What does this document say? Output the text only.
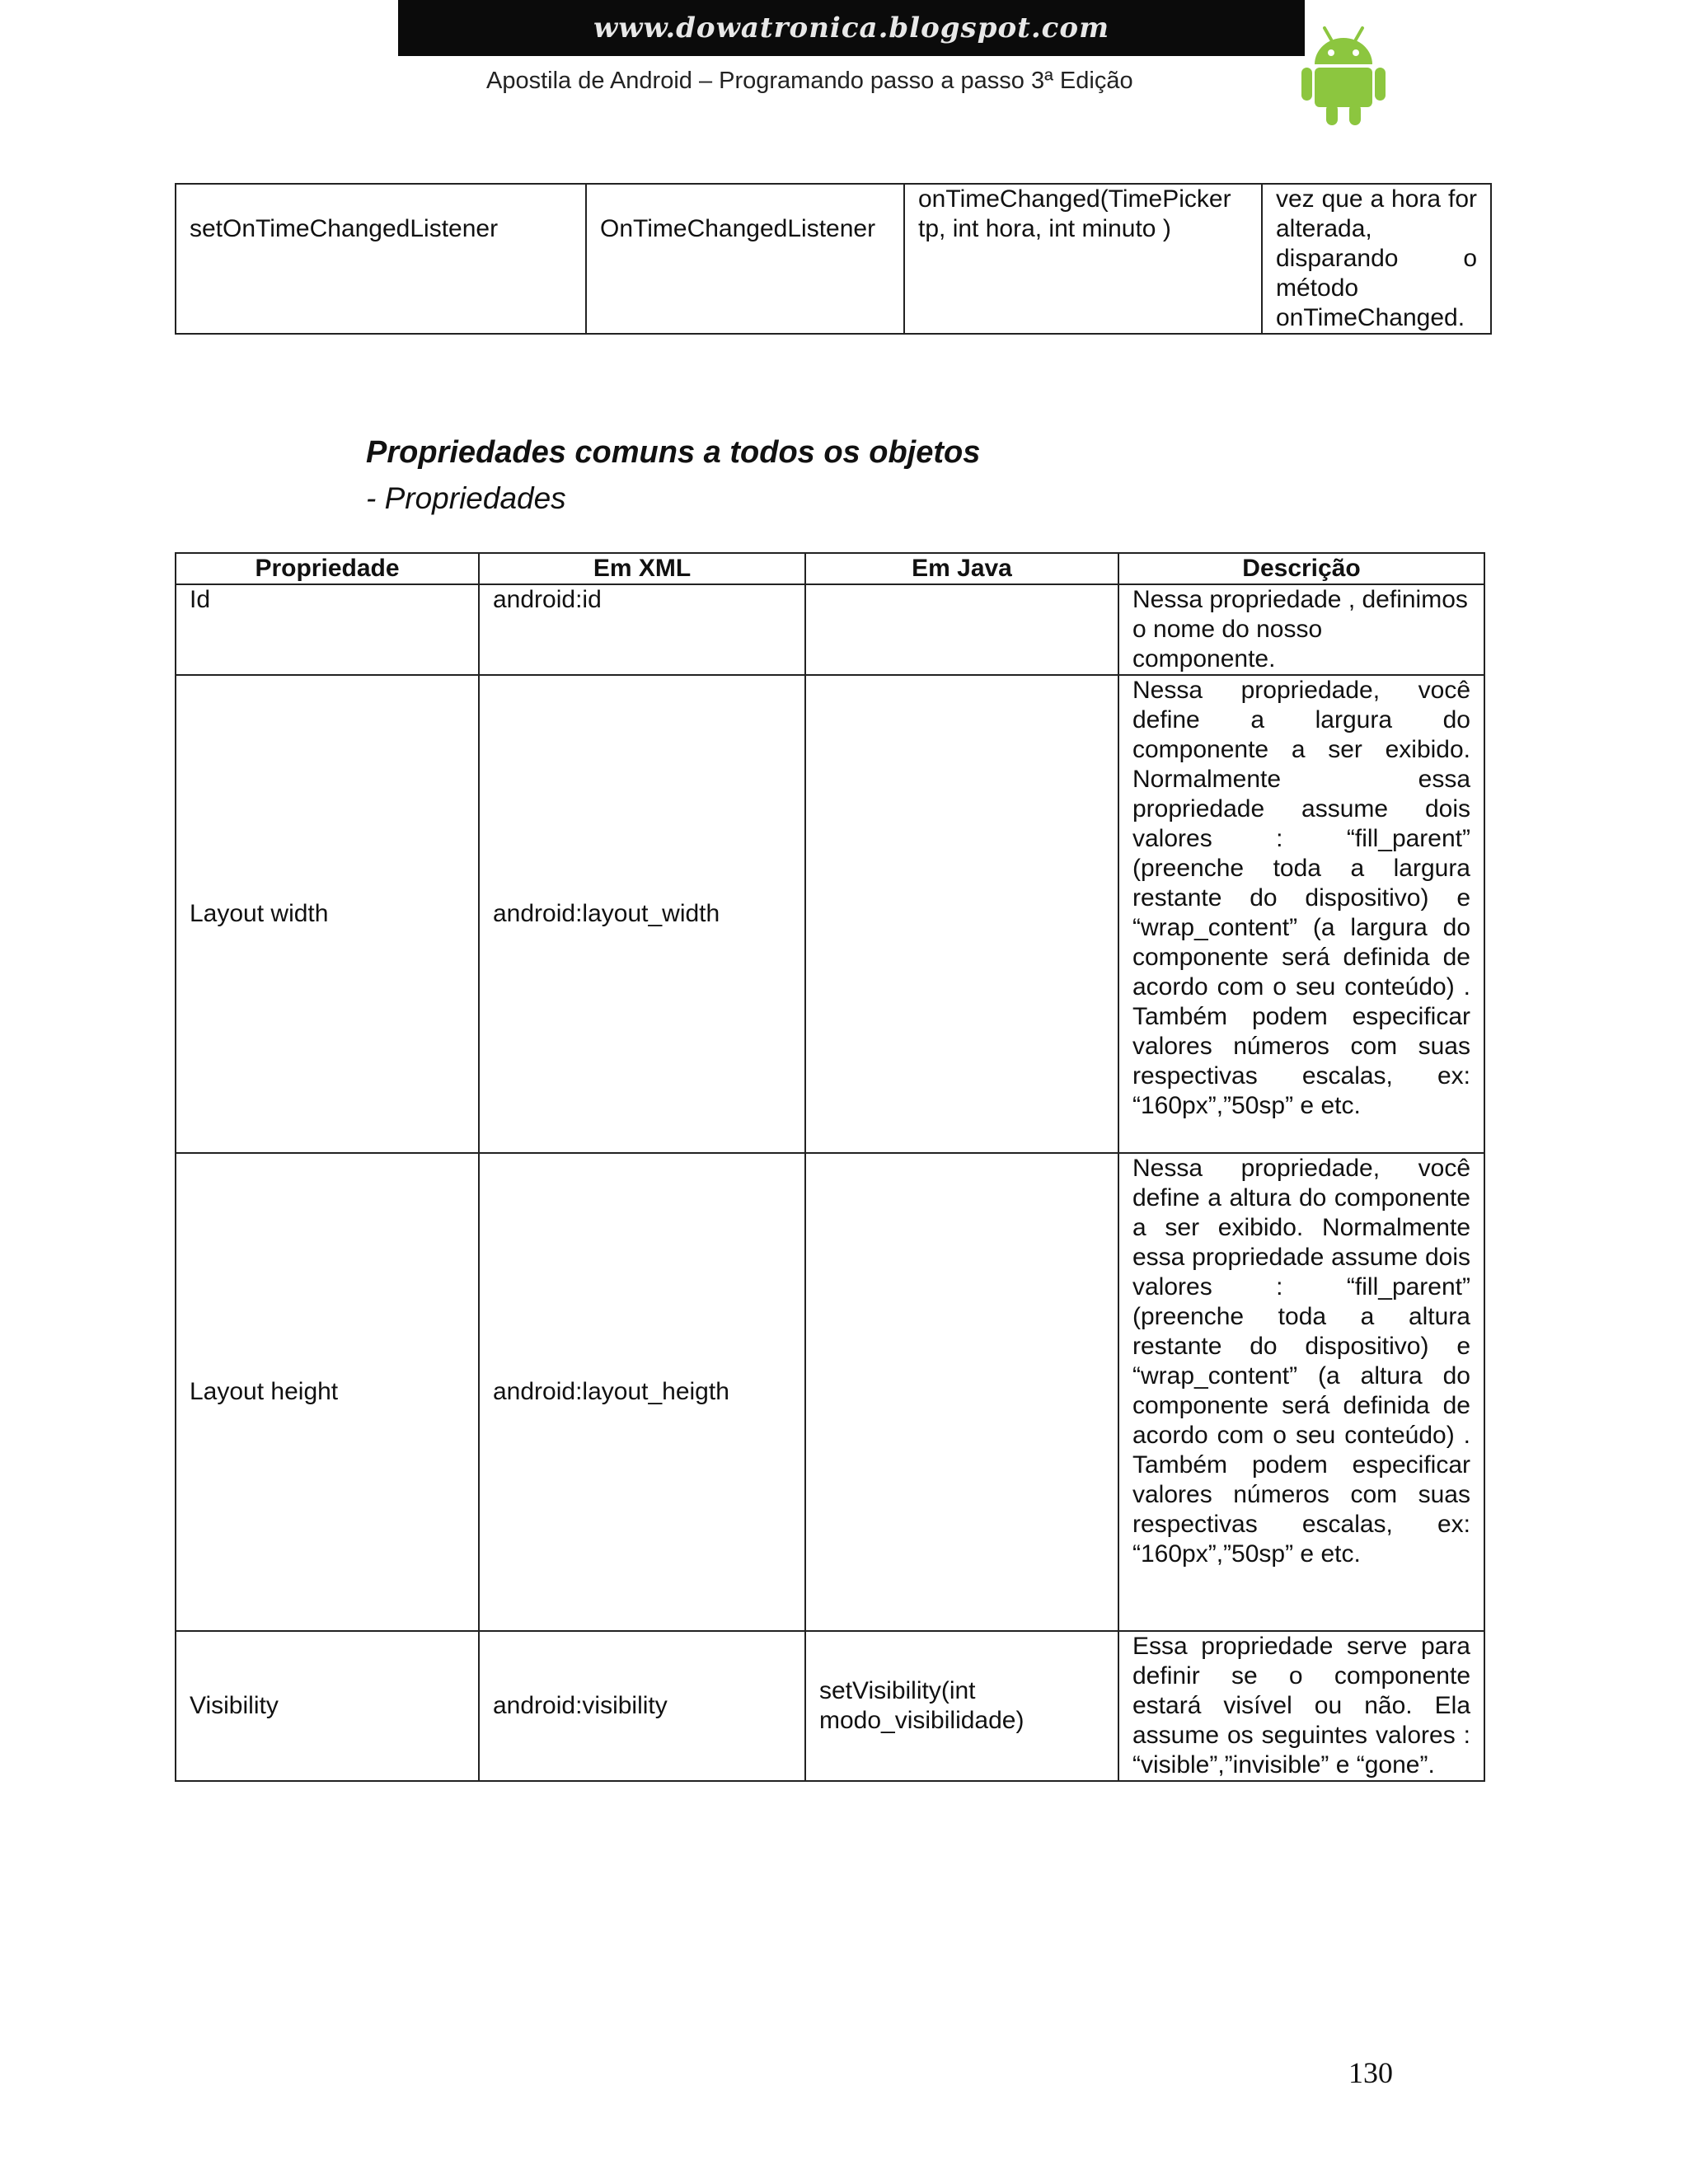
www.dowatronica.blogspot.com
Apostila de Android – Programando passo a passo 3ª Edição
setOnTimeChangedListener	OnTimeChangedListener	onTimeChanged(TimePicker tp, int hora, int minuto )	vez que a hora for alterada, disparando o método onTimeChanged.
Propriedades comuns a todos os objetos
- Propriedades
Propriedade	Em XML	Em Java	Descrição
Id	android:id		Nessa propriedade , definimos o nome do nosso componente.
Layout width	android:layout_width		Nessa propriedade, você define a largura do componente a ser exibido. Normalmente essa propriedade assume dois valores : “fill_parent” (preenche toda a largura restante do dispositivo) e “wrap_content” (a largura do componente será definida de acordo com o seu conteúdo) . Também podem especificar valores números com suas respectivas escalas, ex: “160px”,”50sp” e etc.
Layout height	android:layout_heigth		Nessa propriedade, você define a altura do componente a ser exibido. Normalmente essa propriedade assume dois valores : “fill_parent” (preenche toda a altura restante do dispositivo) e “wrap_content” (a altura do componente será definida de acordo com o seu conteúdo) . Também podem especificar valores números com suas respectivas escalas, ex: “160px”,”50sp” e etc.
Visibility	android:visibility	setVisibility(int modo_visibilidade)	Essa propriedade serve para definir se o componente estará visível ou não. Ela assume os seguintes valores : “visible”,”invisible” e “gone”.
130
